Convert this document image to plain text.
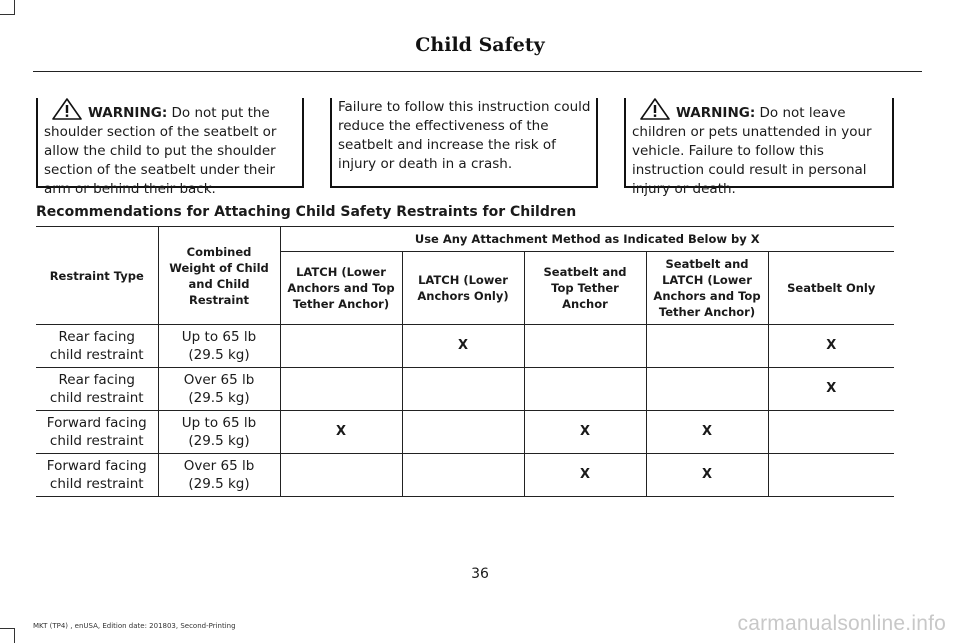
Child Safety
WARNING: Do not put the shoulder section of the seatbelt or allow the child to put the shoulder section of the seatbelt under their arm or behind their back.
Failure to follow this instruction could reduce the effectiveness of the seatbelt and increase the risk of injury or death in a crash.
WARNING: Do not leave children or pets unattended in your vehicle. Failure to follow this instruction could result in personal injury or death.
Recommendations for Attaching Child Safety Restraints for Children
Restraint Type	Combined Weight of Child and Child Restraint	Use Any Attachment Method as Indicated Below by X				
		LATCH (Lower Anchors and Top Tether Anchor)	LATCH (Lower Anchors Only)	Seatbelt and Top Tether Anchor	Seatbelt and LATCH (Lower Anchors and Top Tether Anchor)	Seatbelt Only
Rear facing child restraint	Up to 65 lb (29.5 kg)		X			X
Rear facing child restraint	Over 65 lb (29.5 kg)					X
Forward facing child restraint	Up to 65 lb (29.5 kg)	X		X	X	
Forward facing child restraint	Over 65 lb (29.5 kg)			X	X	
36
MKT (TP4) , enUSA, Edition date: 201803, Second-Printing	carmanualsonline.info
